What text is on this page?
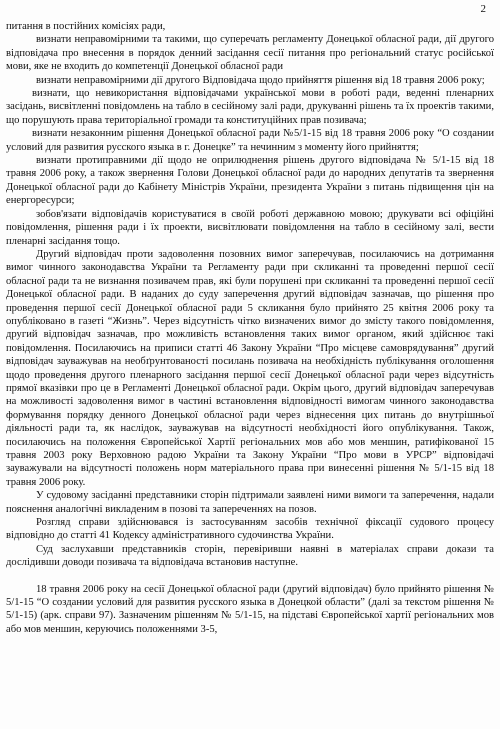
2

питання в постійних комісіях ради,

визнати неправомірними та такими, що суперечать регламенту Донецької обласної ради, дії другого відповідача про внесення в порядок денний засідання сесії питання про регіональний статус російської мови, яке не входить до компетенції Донецької обласної ради

визнати неправомірними дії другого Відповідача щодо прийняття рішення від 18 травня 2006 року;

визнати, що невикористання відповідачами української мови в роботі ради, веденні пленарних засідань, висвітленні повідомлень на табло в сесійному залі ради, друкуванні рішень та їх проектів такими, що порушують права територіальної громади та конституційних прав позивача;

визнати незаконним рішення Донецької обласної ради №5/1-15 від 18 травня 2006 року “О создании условий для развития русского языка в г. Донецке” та нечинним з моменту його прийняття;

визнати протиправними дії щодо не оприлюднення рішень другого відповідача № 5/1-15 від 18 травня 2006 року, а також звернення Голови Донецької обласної ради до народних депутатів та звернення Донецької обласної ради до Кабінету Міністрів України, президента України з питань підвищення цін на енергоресурси;

зобов'язати відповідачів користуватися в своїй роботі державною мовою; друкувати всі офіційні повідомлення, рішення ради і їх проекти, висвітлювати повідомлення на табло в сесійному залі, вести пленарні засідання тощо.

Другий відповідач проти задоволення позовних вимог заперечував, посилаючись на дотримання вимог чинного законодавства України та Регламенту ради при скликанні та проведенні першої сесії обласної ради та не визнання позивачем прав, які були порушені при скликанні та проведенні першої сесії Донецької обласної ради. В наданих до суду заперечення другий відповідач зазначав, що рішення про проведення першої сесії Донецької обласної ради 5 скликання було прийнято 25 квітня 2006 року та опубліковано в газеті “Жизнь”. Через відсутність чітко визначених вимог до змісту такого повідомлення, другий відповідач зазначав, про можливість встановлення таких вимог органом, який здійснює такі повідомлення. Посилаючись на приписи статті 46 Закону України “Про місцеве самоврядування” другий відповідач зауважував на необґрунтованості посилань позивача на необхідність публікування оголошення щодо проведення другого пленарного засідання першої сесії Донецької обласної ради через відсутність прямої вказівки про це в Регламенті Донецької обласної ради. Окрім цього, другий відповідач заперечував на можливості задоволення вимог в частині встановлення відповідності вимогам чинного законодавства формування порядку денного Донецької обласної ради через віднесення цих питань до внутрішньої діяльності ради та, як наслідок, зауважував на відсутності необхідності його опублікування. Також, посилаючись на положення Європейської Хартії регіональних мов або мов меншин, ратифікованої 15 травня 2003 року Верховною радою України та Закону України “Про мови в УРСР” відповідачі зауважували на відсутності положень норм матеріального права при винесенні рішення № 5/1-15 від 18 травня 2006 року.

У судовому засіданні представники сторін підтримали заявлені ними вимоги та заперечення, надали пояснення аналогічні викладеним в позові та запереченнях на позов.

Розгляд справи здійснювався із застосуванням засобів технічної фіксації судового процесу відповідно до статті 41 Кодексу адміністративного судочинства України.

Суд заслухавши представників сторін, перевіривши наявні в матеріалах справи докази та дослідивши доводи позивача та відповідача встановив наступне.

18 травня 2006 року на сесії Донецької обласної ради (другий відповідач) було прийнято рішення № 5/1-15 “О создании условий для развития русского языка в Донецкой области” (далі за текстом рішення № 5/1-15) (арк. справи 97). Зазначеним рішенням № 5/1-15, на підставі Європейської хартії регіональних мов або мов меншин, керуючись положеннями 3-5,
